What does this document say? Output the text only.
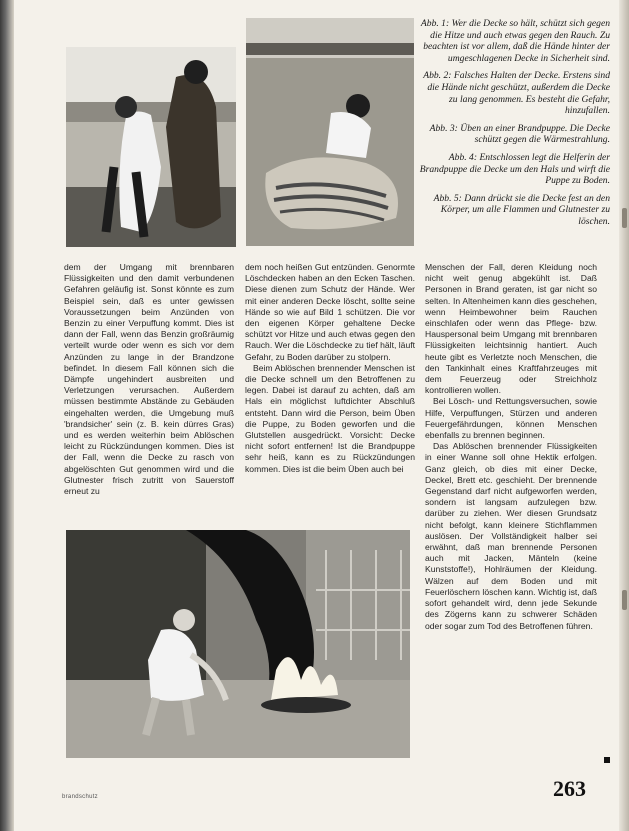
Abb. 1: Wer die Decke so hält, schützt sich gegen die Hitze und auch etwas gegen den Rauch. Zu beachten ist vor allem, daß die Hände hinter der umgeschlagenen Decke in Sicherheit sind.

Abb. 2: Falsches Halten der Decke. Erstens sind die Hände nicht geschützt, außerdem die Decke zu lang genommen. Es besteht die Gefahr, hinzufallen.

Abb. 3: Üben an einer Brandpuppe. Die Decke schützt gegen die Wärmestrahlung.

Abb. 4: Entschlossen legt die Helferin der Brandpuppe die Decke um den Hals und wirft die Puppe zu Boden.

Abb. 5: Dann drückt sie die Decke fest an den Körper, um alle Flammen und Glutnester zu löschen.

dem der Umgang mit brennbaren Flüssigkeiten und den damit verbundenen Gefahren geläufig ist. Sonst könnte es zum Beispiel sein, daß es unter gewissen Voraussetzungen beim Anzünden von Benzin zu einer Verpuffung kommt. Dies ist dann der Fall, wenn das Benzin großräumig verteilt wurde oder wenn es sich vor dem Anzünden zu lange in der Brandzone befindet. In diesem Fall können sich die Dämpfe ungehindert ausbreiten und Verletzungen verursachen. Außerdem müssen bestimmte Abstände zu Gebäuden eingehalten werden, die Umgebung muß 'brandsicher' sein (z. B. kein dürres Gras) und es werden weiterhin beim Ablöschen leicht zu Rückzündungen kommen. Dies ist der Fall, wenn die Decke zu rasch von abgelöschten Gut genommen wird und die Glutnester frisch zutritt von Sauerstoff erneut zu

dem noch heißen Gut entzünden. Genormte Löschdecken haben an den Ecken Taschen. Diese dienen zum Schutz der Hände. Wer mit einer anderen Decke löscht, sollte seine Hände so wie auf Bild 1 schützen. Die vor den eigenen Körper gehaltene Decke schützt vor Hitze und auch etwas gegen den Rauch. Wer die Löschdecke zu tief hält, läuft Gefahr, zu Boden darüber zu stolpern.

Beim Ablöschen brennender Menschen ist die Decke schnell um den Betroffenen zu legen. Dabei ist darauf zu achten, daß am Hals ein möglichst luftdichter Abschluß entsteht. Dann wird die Person, beim Üben die Puppe, zu Boden geworfen und die Glutstellen ausgedrückt. Vorsicht: Decke nicht sofort entfernen! Ist die Brandpuppe sehr heiß, kann es zu Rückzündungen kommen. Dies ist die beim Üben auch bei

Menschen der Fall, deren Kleidung noch nicht weit genug abgekühlt ist. Daß Personen in Brand geraten, ist gar nicht so selten. In Altenheimen kann dies geschehen, wenn Heimbewohner beim Rauchen einschlafen oder wenn das Pflege- bzw. Hauspersonal beim Umgang mit brennbaren Flüssigkeiten leichtsinnig hantiert. Auch heute gibt es Verletzte noch Menschen, die den Tankinhalt eines Kraftfahrzeuges mit dem Feuerzeug oder Streichholz kontrollieren wollen.

Bei Lösch- und Rettungsversuchen, sowie Hilfe, Verpuffungen, Stürzen und anderen Feuergefährdungen, können Menschen ebenfalls zu brennen beginnen.

Das Ablöschen brennender Flüssigkeiten in einer Wanne soll ohne Hektik erfolgen. Ganz gleich, ob dies mit einer Decke, Deckel, Brett etc. geschieht. Der brennende Gegenstand darf nicht aufgeworfen werden, sondern ist langsam aufzulegen bzw. darüber zu ziehen. Wer diesen Grundsatz nicht befolgt, kann kleinere Stichflammen auslösen. Der Vollständigkeit halber sei erwähnt, daß man brennende Personen auch mit Jacken, Mänteln (keine Kunststoffe!), Hohlräumen der Kleidung. Wälzen auf dem Boden und mit Feuerlöschern löschen kann. Wichtig ist, daß sofort gehandelt wird, denn jede Sekunde des Zögerns kann zu schwerer Schäden oder sogar zum Tod des Betroffenen führen.

brandschutz	263
